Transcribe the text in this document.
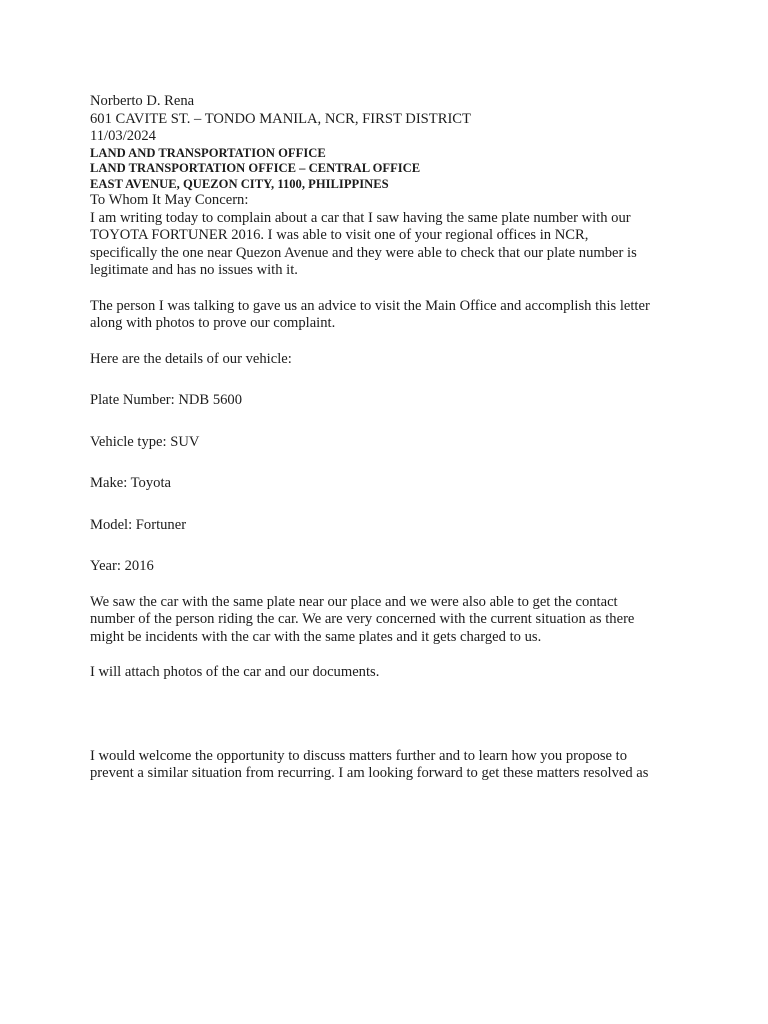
Norberto D. Rena
601 CAVITE ST. – TONDO MANILA, NCR, FIRST DISTRICT

11/03/2024

LAND AND TRANSPORTATION OFFICE
LAND TRANSPORTATION OFFICE – CENTRAL OFFICE
EAST AVENUE, QUEZON CITY, 1100, PHILIPPINES

To Whom It May Concern:

I am writing today to complain about a car that I saw having the same plate number with our
TOYOTA FORTUNER 2016. I was able to visit one of your regional offices in NCR,
specifically the one near Quezon Avenue and they were able to check that our plate number is
legitimate and has no issues with it.
The person I was talking to gave us an advice to visit the Main Office and accomplish this letter
along with photos to prove our complaint.

Here are the details of our vehicle:

Plate Number: NDB 5600

Vehicle type: SUV

Make: Toyota

Model: Fortuner

Year: 2016

We saw the car with the same plate near our place and we were also able to get the contact
number of the person riding the car. We are very concerned with the current situation as there
might be incidents with the car with the same plates and it gets charged to us.

I will attach photos of the car and our documents.

I would welcome the opportunity to discuss matters further and to learn how you propose to
prevent a similar situation from recurring. I am looking forward to get these matters resolved as
